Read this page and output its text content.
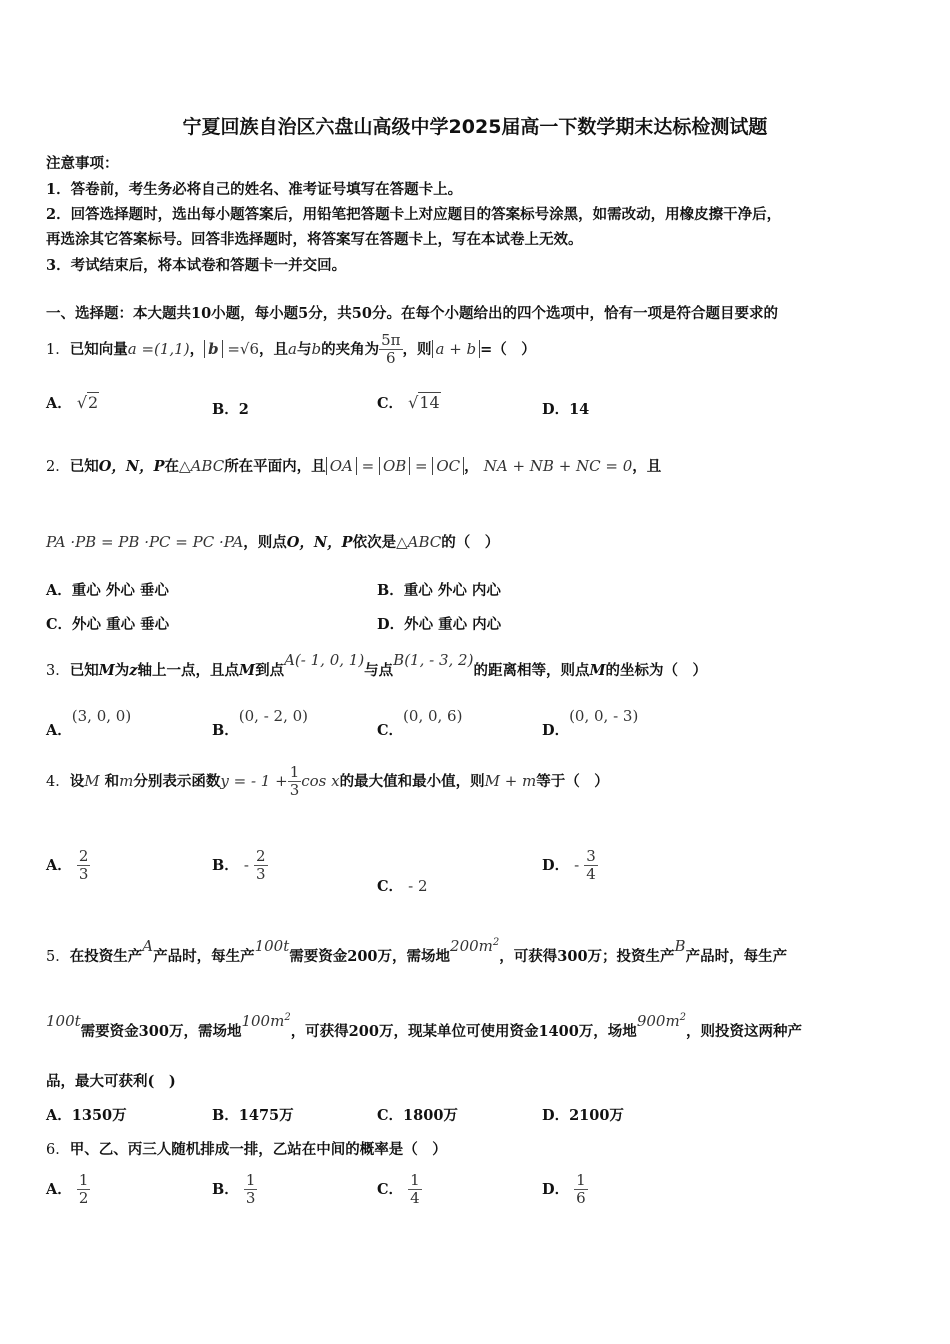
宁夏回族自治区六盘山高级中学2025届高一下数学期末达标检测试题
注意事项：
1．答卷前，考生务必将自己的姓名、准考证号填写在答题卡上。
2．回答选择题时，选出每小题答案后，用铅笔把答题卡上对应题目的答案标号涂黑，如需改动，用橡皮擦干净后，
再选涂其它答案标号。回答非选择题时，将答案写在答题卡上，写在本试卷上无效。
3．考试结束后，将本试卷和答题卡一并交回。
一、选择题：本大题共10小题，每小题5分，共50分。在每个小题给出的四个选项中，恰有一项是符合题目要求的
1．已知向量a =(1,1)， b =√6，且a与b的夹角为 $\frac{5\pi}{6}$ ，则 a + b =（　）
A． √2	B．2	C． √14	D．14
2．已知O，N，P在△ABC所在平面内，且 OA = OB = OC ， NA + NB + NC = 0，且
PA ·PB = PB ·PC = PC ·PA，则点O，N，P依次是△ABC的（　）
A．重心 外心 垂心	B．重心 外心 内心
C．外心 重心 垂心	D．外心 重心 内心
3．已知M为z轴上一点，且点M到点A(- 1, 0, 1)与点B(1, - 3, 2)的距离相等，则点M的坐标为（　）
A．(3, 0, 0)
B．(0, - 2, 0)
C．(0, 0, 6)
D．(0, 0, - 3)
4．设M 和m分别表示函数y = - $1 + \frac{1}{3}$ cos x的最大值和最小值，则M + m等于（　）
A． $\frac{2}{3}$	B． - $\frac{2}{3}$
C． - 2
D． - $\frac{3}{4}$
5．在投资生产A产品时，每生产100t需要资金200万，需场地$200m^2$，可获得300万；投资生产B产品时，每生产
100t需要资金300万，需场地$100m^2$，可获得200万，现某单位可使用资金1400万，场地$900m^2$，则投资这两种产
品，最大可获利(　)
A．1350万	B．1475万	C．1800万	D．2100万
6．甲、乙、丙三人随机排成一排，乙站在中间的概率是（　）
A． $\frac{1}{2}$	B． $\frac{1}{3}$	C． $\frac{1}{4}$	D． $\frac{1}{6}$
